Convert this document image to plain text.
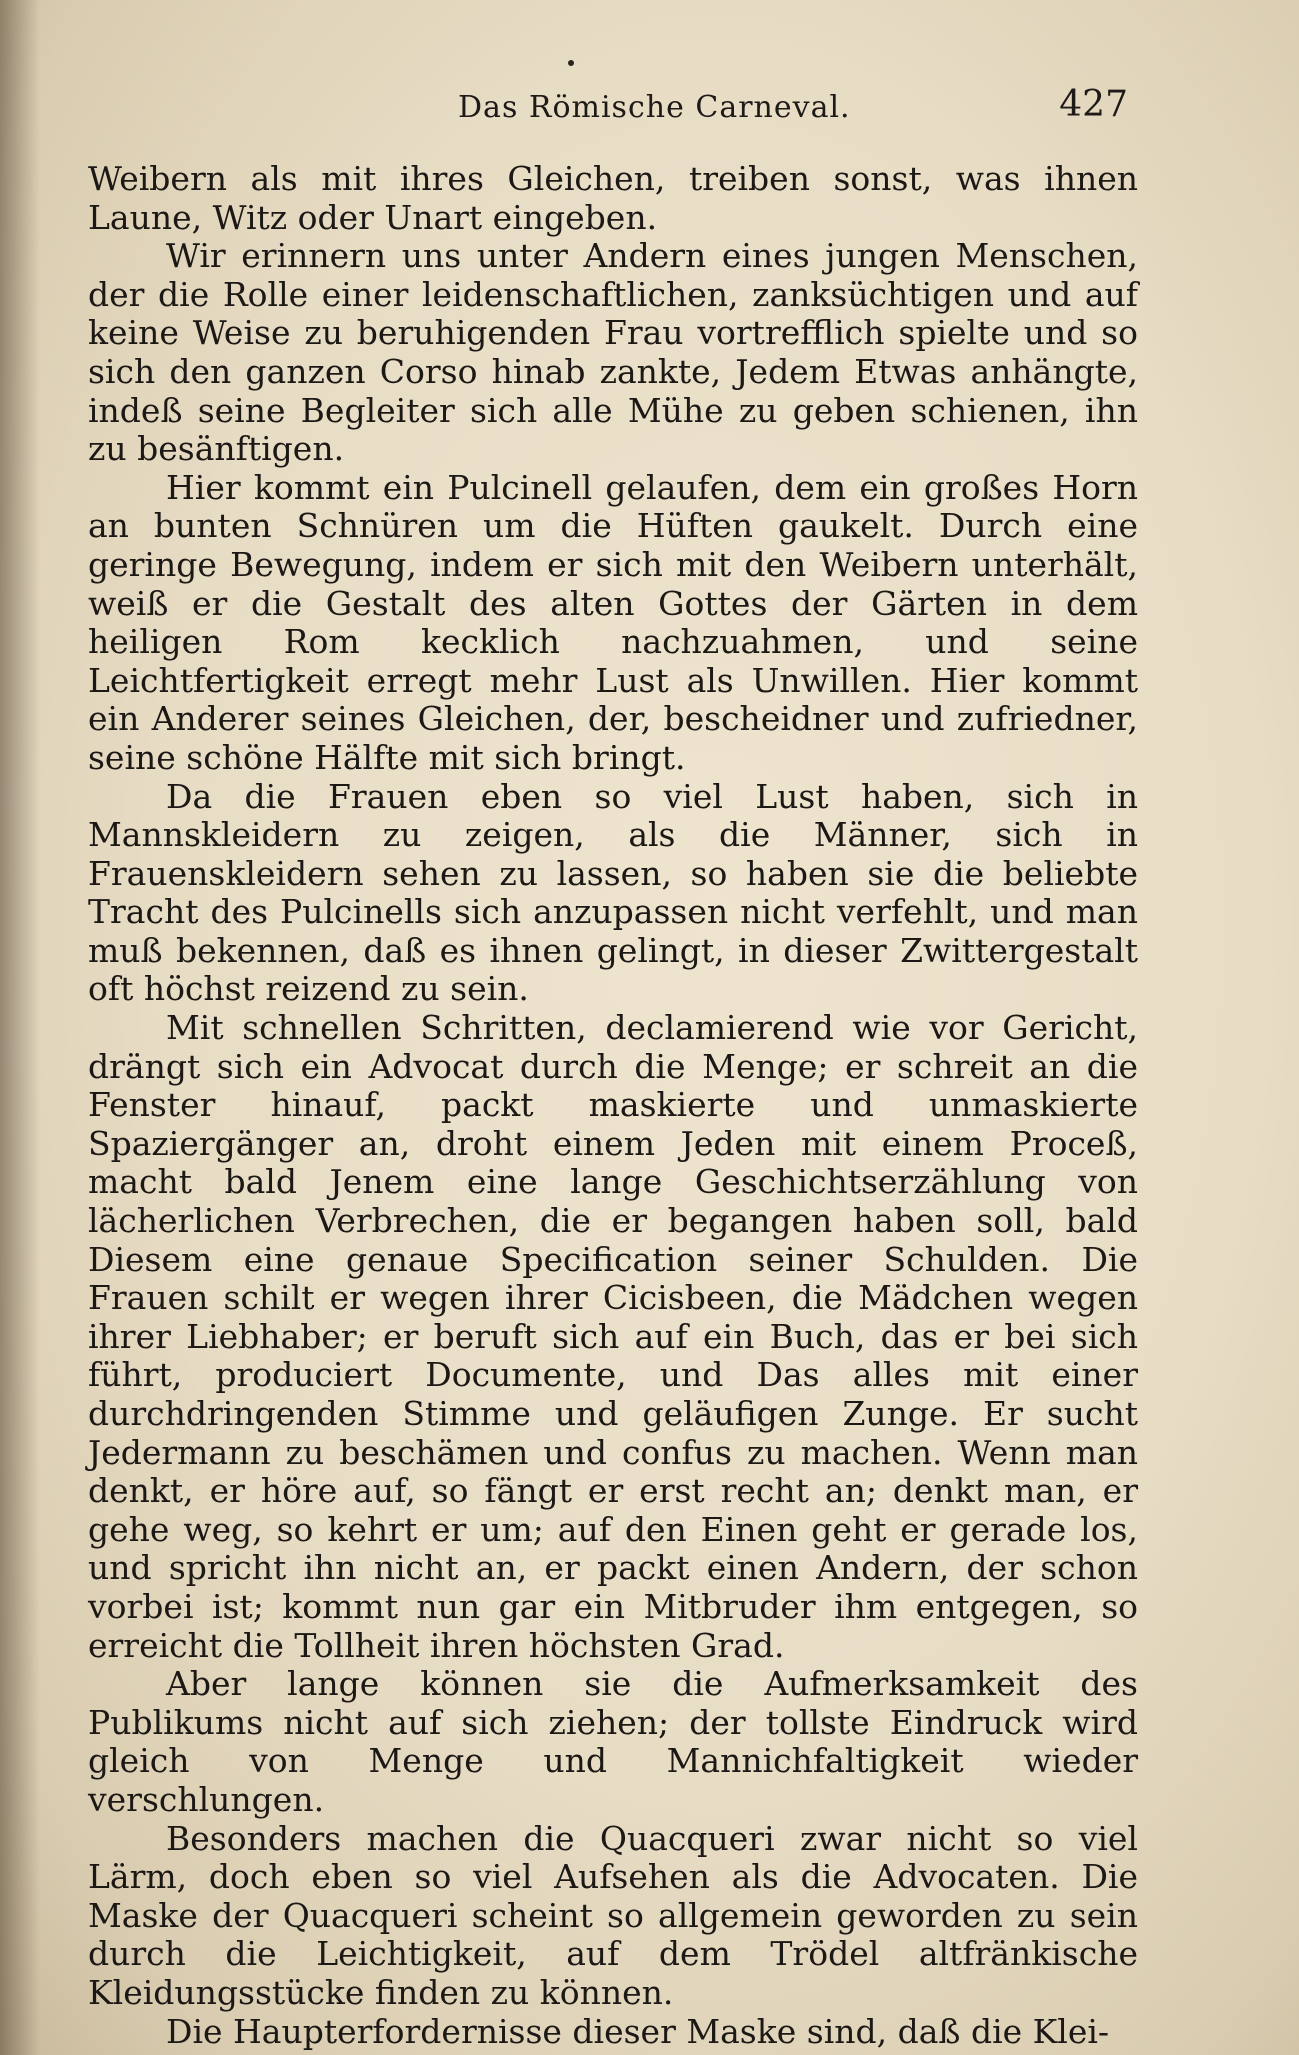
Das Römische Carneval.	427

Weibern als mit ihres Gleichen, treiben sonst, was ihnen Laune, Witz oder Unart eingeben.

Wir erinnern uns unter Andern eines jungen Menschen, der die Rolle einer leidenschaftlichen, zanksüchtigen und auf keine Weise zu beruhigenden Frau vortrefflich spielte und so sich den ganzen Corso hinab zankte, Jedem Etwas anhängte, indeß seine Begleiter sich alle Mühe zu geben schienen, ihn zu besänftigen.

Hier kommt ein Pulcinell gelaufen, dem ein großes Horn an bunten Schnüren um die Hüften gaukelt. Durch eine geringe Bewegung, indem er sich mit den Weibern unterhält, weiß er die Gestalt des alten Gottes der Gärten in dem heiligen Rom kecklich nachzuahmen, und seine Leichtfertigkeit erregt mehr Lust als Unwillen. Hier kommt ein Anderer seines Gleichen, der, bescheidner und zufriedner, seine schöne Hälfte mit sich bringt.

Da die Frauen eben so viel Lust haben, sich in Mannskleidern zu zeigen, als die Männer, sich in Frauenskleidern sehen zu lassen, so haben sie die beliebte Tracht des Pulcinells sich anzupassen nicht verfehlt, und man muß bekennen, daß es ihnen gelingt, in dieser Zwittergestalt oft höchst reizend zu sein.

Mit schnellen Schritten, declamierend wie vor Gericht, drängt sich ein Advocat durch die Menge; er schreit an die Fenster hinauf, packt maskierte und unmaskierte Spaziergänger an, droht einem Jeden mit einem Proceß, macht bald Jenem eine lange Geschichtserzählung von lächerlichen Verbrechen, die er begangen haben soll, bald Diesem eine genaue Specification seiner Schulden. Die Frauen schilt er wegen ihrer Cicisbeen, die Mädchen wegen ihrer Liebhaber; er beruft sich auf ein Buch, das er bei sich führt, produciert Documente, und Das alles mit einer durchdringenden Stimme und geläufigen Zunge. Er sucht Jedermann zu beschämen und confus zu machen. Wenn man denkt, er höre auf, so fängt er erst recht an; denkt man, er gehe weg, so kehrt er um; auf den Einen geht er gerade los, und spricht ihn nicht an, er packt einen Andern, der schon vorbei ist; kommt nun gar ein Mitbruder ihm entgegen, so erreicht die Tollheit ihren höchsten Grad.

Aber lange können sie die Aufmerksamkeit des Publikums nicht auf sich ziehen; der tollste Eindruck wird gleich von Menge und Mannichfaltigkeit wieder verschlungen.

Besonders machen die Quacqueri zwar nicht so viel Lärm, doch eben so viel Aufsehen als die Advocaten. Die Maske der Quacqueri scheint so allgemein geworden zu sein durch die Leichtigkeit, auf dem Trödel altfränkische Kleidungsstücke finden zu können.

Die Haupterfordernisse dieser Maske sind, daß die Klei-
